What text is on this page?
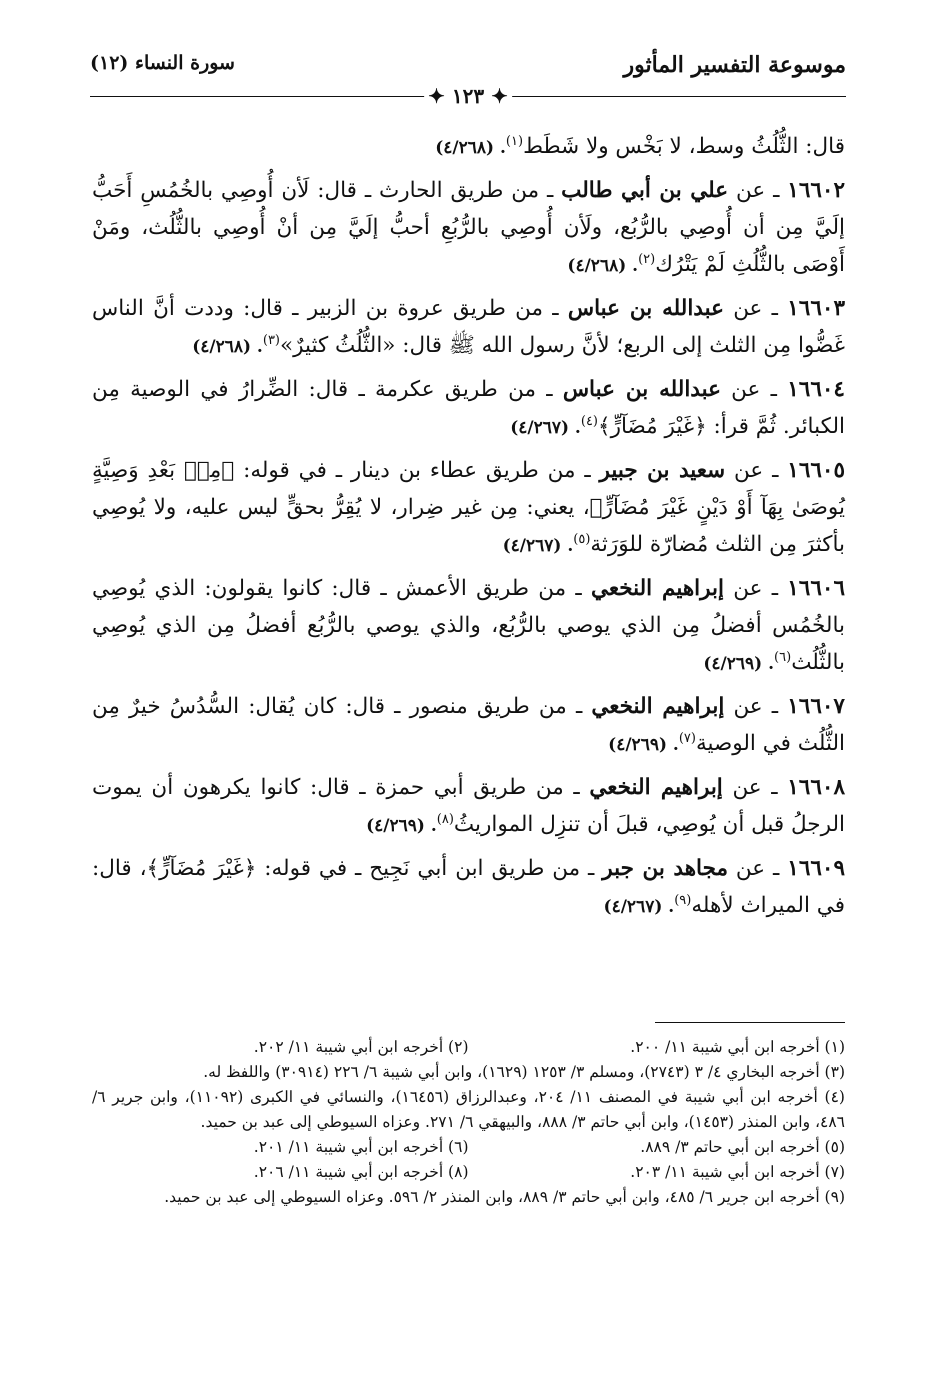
موسوعة التفسير المأثور
سورة النساء (١٢)
✦ ١٢٣ ✦

قال: الثُّلُثُ وسط، لا بَخْس ولا شَطَط$^{(١)}$. (٤/٢٦٨)

١٦٦٠٢ ـ عن علي بن أبي طالب ـ من طريق الحارث ـ قال: لَأن أُوصِي بالخُمُسِ أَحَبُّ إلَيَّ مِن أن أُوصِي بالرُّبُع، ولَأن أُوصِي بالرُّبُعِ أحبُّ إلَيَّ مِن أنْ أُوصِي بالثُّلُث، ومَنْ أَوْصَى بالثُّلُثِ لَمْ يَتْرُك$^{(٢)}$. (٤/٢٦٨)

١٦٦٠٣ ـ عن عبدالله بن عباس ـ من طريق عروة بن الزبير ـ قال: وددت أنَّ الناس غَضُّوا مِن الثلث إلى الربع؛ لأنَّ رسول الله ﷺ قال: «الثُّلُثُ كثيرٌ»$^{(٣)}$. (٤/٢٦٨)

١٦٦٠٤ ـ عن عبدالله بن عباس ـ من طريق عكرمة ـ قال: الضِّرارُ في الوصية مِن الكبائر. ثُمَّ قرأ: ﴿غَيْرَ مُضَآرٍّ﴾$^{(٤)}$. (٤/٢٦٧)

١٦٦٠٥ ـ عن سعيد بن جبير ـ من طريق عطاء بن دينار ـ في قوله: ﴿مِنۢ بَعْدِ وَصِيَّةٍ يُوصَىٰ بِهَآ أَوْ دَيْنٍ غَيْرَ مُضَآرٍّ﴾، يعني: مِن غير ضِرار، لا يُقِرُّ بحقٍّ ليس عليه، ولا يُوصِي بأكثرَ مِن الثلث مُضارّة للوَرَثة$^{(٥)}$. (٤/٢٦٧)

١٦٦٠٦ ـ عن إبراهيم النخعي ـ من طريق الأعمش ـ قال: كانوا يقولون: الذي يُوصِي بالخُمُس أفضلُ مِن الذي يوصي بالرُّبُع، والذي يوصي بالرُّبُع أفضلُ مِن الذي يُوصِي بالثُّلُث$^{(٦)}$. (٤/٢٦٩)

١٦٦٠٧ ـ عن إبراهيم النخعي ـ من طريق منصور ـ قال: كان يُقال: السُّدُسُ خيرٌ مِن الثُّلُث في الوصية$^{(٧)}$. (٤/٢٦٩)

١٦٦٠٨ ـ عن إبراهيم النخعي ـ من طريق أبي حمزة ـ قال: كانوا يكرهون أن يموت الرجلُ قبل أن يُوصِي، قبلَ أن تنزِل المواريثُ$^{(٨)}$. (٤/٢٦٩)

١٦٦٠٩ ـ عن مجاهد بن جبر ـ من طريق ابن أبي نَجِيح ـ في قوله: ﴿غَيْرَ مُضَآرٍّ﴾، قال: في الميراث لأهله$^{(٩)}$. (٤/٢٦٧)

(١) أخرجه ابن أبي شيبة ١١/ ٢٠٠.
(٢) أخرجه ابن أبي شيبة ١١/ ٢٠٢.
(٣) أخرجه البخاري ٤/ ٣ (٢٧٤٣)، ومسلم ٣/ ١٢٥٣ (١٦٢٩)، وابن أبي شيبة ٦/ ٢٢٦ (٣٠٩١٤) واللفظ له.
(٤) أخرجه ابن أبي شيبة في المصنف ١١/ ٢٠٤، وعبدالرزاق (١٦٤٥٦)، والنسائي في الكبرى (١١٠٩٢)، وابن جرير ٦/ ٤٨٦، وابن المنذر (١٤٥٣)، وابن أبي حاتم ٣/ ٨٨٨، والبيهقي ٦/ ٢٧١. وعزاه السيوطي إلى عبد بن حميد.
(٥) أخرجه ابن أبي حاتم ٣/ ٨٨٩.
(٦) أخرجه ابن أبي شيبة ١١/ ٢٠١.
(٧) أخرجه ابن أبي شيبة ١١/ ٢٠٣.
(٨) أخرجه ابن أبي شيبة ١١/ ٢٠٦.
(٩) أخرجه ابن جرير ٦/ ٤٨٥، وابن أبي حاتم ٣/ ٨٨٩، وابن المنذر ٢/ ٥٩٦. وعزاه السيوطي إلى عبد بن حميد.
